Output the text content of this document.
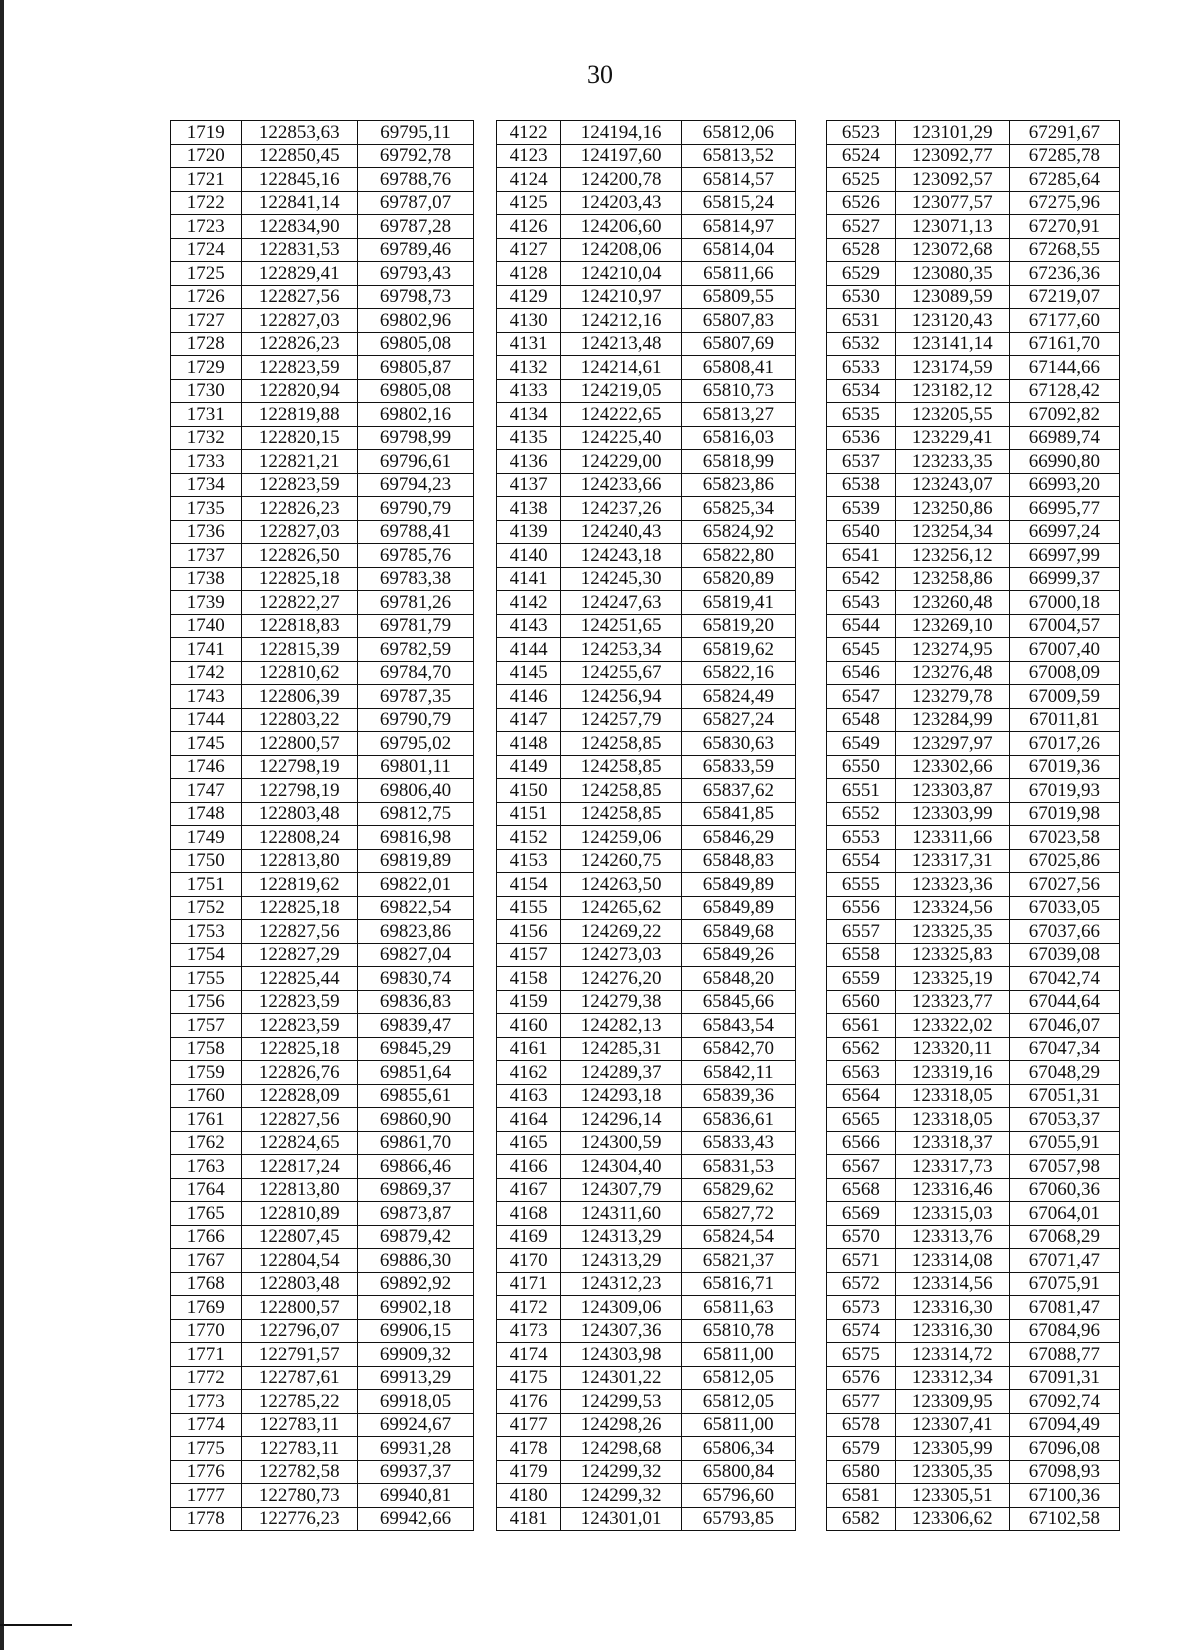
30
1719	122853,63	69795,11		4122	124194,16	65812,06		6523	123101,29	67291,67
1720	122850,45	69792,78		4123	124197,60	65813,52		6524	123092,77	67285,78
1721	122845,16	69788,76		4124	124200,78	65814,57		6525	123092,57	67285,64
1722	122841,14	69787,07		4125	124203,43	65815,24		6526	123077,57	67275,96
1723	122834,90	69787,28		4126	124206,60	65814,97		6527	123071,13	67270,91
1724	122831,53	69789,46		4127	124208,06	65814,04		6528	123072,68	67268,55
1725	122829,41	69793,43		4128	124210,04	65811,66		6529	123080,35	67236,36
1726	122827,56	69798,73		4129	124210,97	65809,55		6530	123089,59	67219,07
1727	122827,03	69802,96		4130	124212,16	65807,83		6531	123120,43	67177,60
1728	122826,23	69805,08		4131	124213,48	65807,69		6532	123141,14	67161,70
1729	122823,59	69805,87		4132	124214,61	65808,41		6533	123174,59	67144,66
1730	122820,94	69805,08		4133	124219,05	65810,73		6534	123182,12	67128,42
1731	122819,88	69802,16		4134	124222,65	65813,27		6535	123205,55	67092,82
1732	122820,15	69798,99		4135	124225,40	65816,03		6536	123229,41	66989,74
1733	122821,21	69796,61		4136	124229,00	65818,99		6537	123233,35	66990,80
1734	122823,59	69794,23		4137	124233,66	65823,86		6538	123243,07	66993,20
1735	122826,23	69790,79		4138	124237,26	65825,34		6539	123250,86	66995,77
1736	122827,03	69788,41		4139	124240,43	65824,92		6540	123254,34	66997,24
1737	122826,50	69785,76		4140	124243,18	65822,80		6541	123256,12	66997,99
1738	122825,18	69783,38		4141	124245,30	65820,89		6542	123258,86	66999,37
1739	122822,27	69781,26		4142	124247,63	65819,41		6543	123260,48	67000,18
1740	122818,83	69781,79		4143	124251,65	65819,20		6544	123269,10	67004,57
1741	122815,39	69782,59		4144	124253,34	65819,62		6545	123274,95	67007,40
1742	122810,62	69784,70		4145	124255,67	65822,16		6546	123276,48	67008,09
1743	122806,39	69787,35		4146	124256,94	65824,49		6547	123279,78	67009,59
1744	122803,22	69790,79		4147	124257,79	65827,24		6548	123284,99	67011,81
1745	122800,57	69795,02		4148	124258,85	65830,63		6549	123297,97	67017,26
1746	122798,19	69801,11		4149	124258,85	65833,59		6550	123302,66	67019,36
1747	122798,19	69806,40		4150	124258,85	65837,62		6551	123303,87	67019,93
1748	122803,48	69812,75		4151	124258,85	65841,85		6552	123303,99	67019,98
1749	122808,24	69816,98		4152	124259,06	65846,29		6553	123311,66	67023,58
1750	122813,80	69819,89		4153	124260,75	65848,83		6554	123317,31	67025,86
1751	122819,62	69822,01		4154	124263,50	65849,89		6555	123323,36	67027,56
1752	122825,18	69822,54		4155	124265,62	65849,89		6556	123324,56	67033,05
1753	122827,56	69823,86		4156	124269,22	65849,68		6557	123325,35	67037,66
1754	122827,29	69827,04		4157	124273,03	65849,26		6558	123325,83	67039,08
1755	122825,44	69830,74		4158	124276,20	65848,20		6559	123325,19	67042,74
1756	122823,59	69836,83		4159	124279,38	65845,66		6560	123323,77	67044,64
1757	122823,59	69839,47		4160	124282,13	65843,54		6561	123322,02	67046,07
1758	122825,18	69845,29		4161	124285,31	65842,70		6562	123320,11	67047,34
1759	122826,76	69851,64		4162	124289,37	65842,11		6563	123319,16	67048,29
1760	122828,09	69855,61		4163	124293,18	65839,36		6564	123318,05	67051,31
1761	122827,56	69860,90		4164	124296,14	65836,61		6565	123318,05	67053,37
1762	122824,65	69861,70		4165	124300,59	65833,43		6566	123318,37	67055,91
1763	122817,24	69866,46		4166	124304,40	65831,53		6567	123317,73	67057,98
1764	122813,80	69869,37		4167	124307,79	65829,62		6568	123316,46	67060,36
1765	122810,89	69873,87		4168	124311,60	65827,72		6569	123315,03	67064,01
1766	122807,45	69879,42		4169	124313,29	65824,54		6570	123313,76	67068,29
1767	122804,54	69886,30		4170	124313,29	65821,37		6571	123314,08	67071,47
1768	122803,48	69892,92		4171	124312,23	65816,71		6572	123314,56	67075,91
1769	122800,57	69902,18		4172	124309,06	65811,63		6573	123316,30	67081,47
1770	122796,07	69906,15		4173	124307,36	65810,78		6574	123316,30	67084,96
1771	122791,57	69909,32		4174	124303,98	65811,00		6575	123314,72	67088,77
1772	122787,61	69913,29		4175	124301,22	65812,05		6576	123312,34	67091,31
1773	122785,22	69918,05		4176	124299,53	65812,05		6577	123309,95	67092,74
1774	122783,11	69924,67		4177	124298,26	65811,00		6578	123307,41	67094,49
1775	122783,11	69931,28		4178	124298,68	65806,34		6579	123305,99	67096,08
1776	122782,58	69937,37		4179	124299,32	65800,84		6580	123305,35	67098,93
1777	122780,73	69940,81		4180	124299,32	65796,60		6581	123305,51	67100,36
1778	122776,23	69942,66		4181	124301,01	65793,85		6582	123306,62	67102,58
